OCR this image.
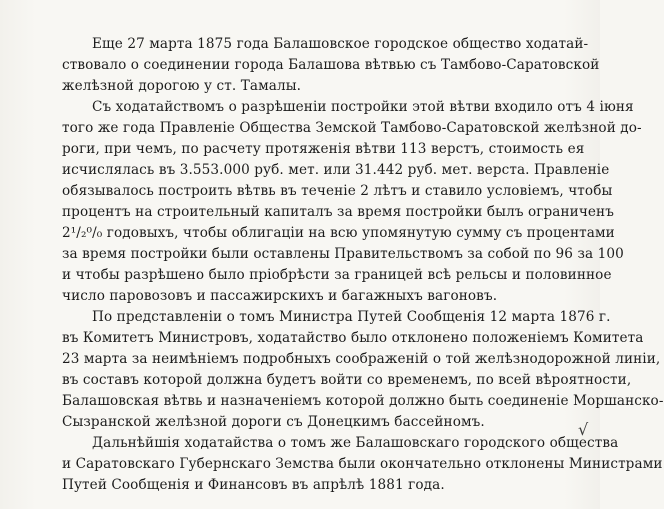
Еще 27 марта 1875 года Балашовское городское общество ходатай-
ствовало о соединении города Балашова вѣтвью съ Тамбово-Саратовской
желѣзной дорогою у ст. Тамалы.
Съ ходатайствомъ о разрѣшеніи постройки этой вѣтви входило отъ 4 іюня
того же года Правленіе Общества Земской Тамбово-Саратовской желѣзной до-
роги, при чемъ, по расчету протяженія вѣтви 113 верстъ, стоимость ея
исчислялась въ 3.553.000 руб. мет. или 31.442 руб. мет. верста. Правленіе
обязывалось построить вѣтвь въ теченіе 2 лѣтъ и ставило условіемъ, чтобы
процентъ на строительный капиталъ за время постройки былъ ограниченъ
2¹/₂⁰/₀ годовыхъ, чтобы облигаціи на всю упомянутую сумму съ процентами
за время постройки были оставлены Правительствомъ за собой по 96 за 100
и чтобы разрѣшено было пріобрѣсти за границей всѣ рельсы и половинное
число паровозовъ и пассажирскихъ и багажныхъ вагоновъ.
По представленіи о томъ Министра Путей Сообщенія 12 марта 1876 г.
въ Комитетъ Министровъ, ходатайство было отклонено положеніемъ Комитета
23 марта за неимѣніемъ подробныхъ соображеній о той желѣзнодорожной линіи,
въ составъ которой должна будетъ войти со временемъ, по всей вѣроятности,
Балашовская вѣтвь и назначеніемъ которой должно быть соединеніе Моршанско-
Сызранской желѣзной дороги съ Донецкимъ бассейномъ.
Дальнѣйшія ходатайства о томъ же Балашовскаго городского общества
и Саратовскаго Губернскаго Земства были окончательно отклонены Министрами
Путей Сообщенія и Финансовъ въ апрѣлѣ 1881 года.
√
